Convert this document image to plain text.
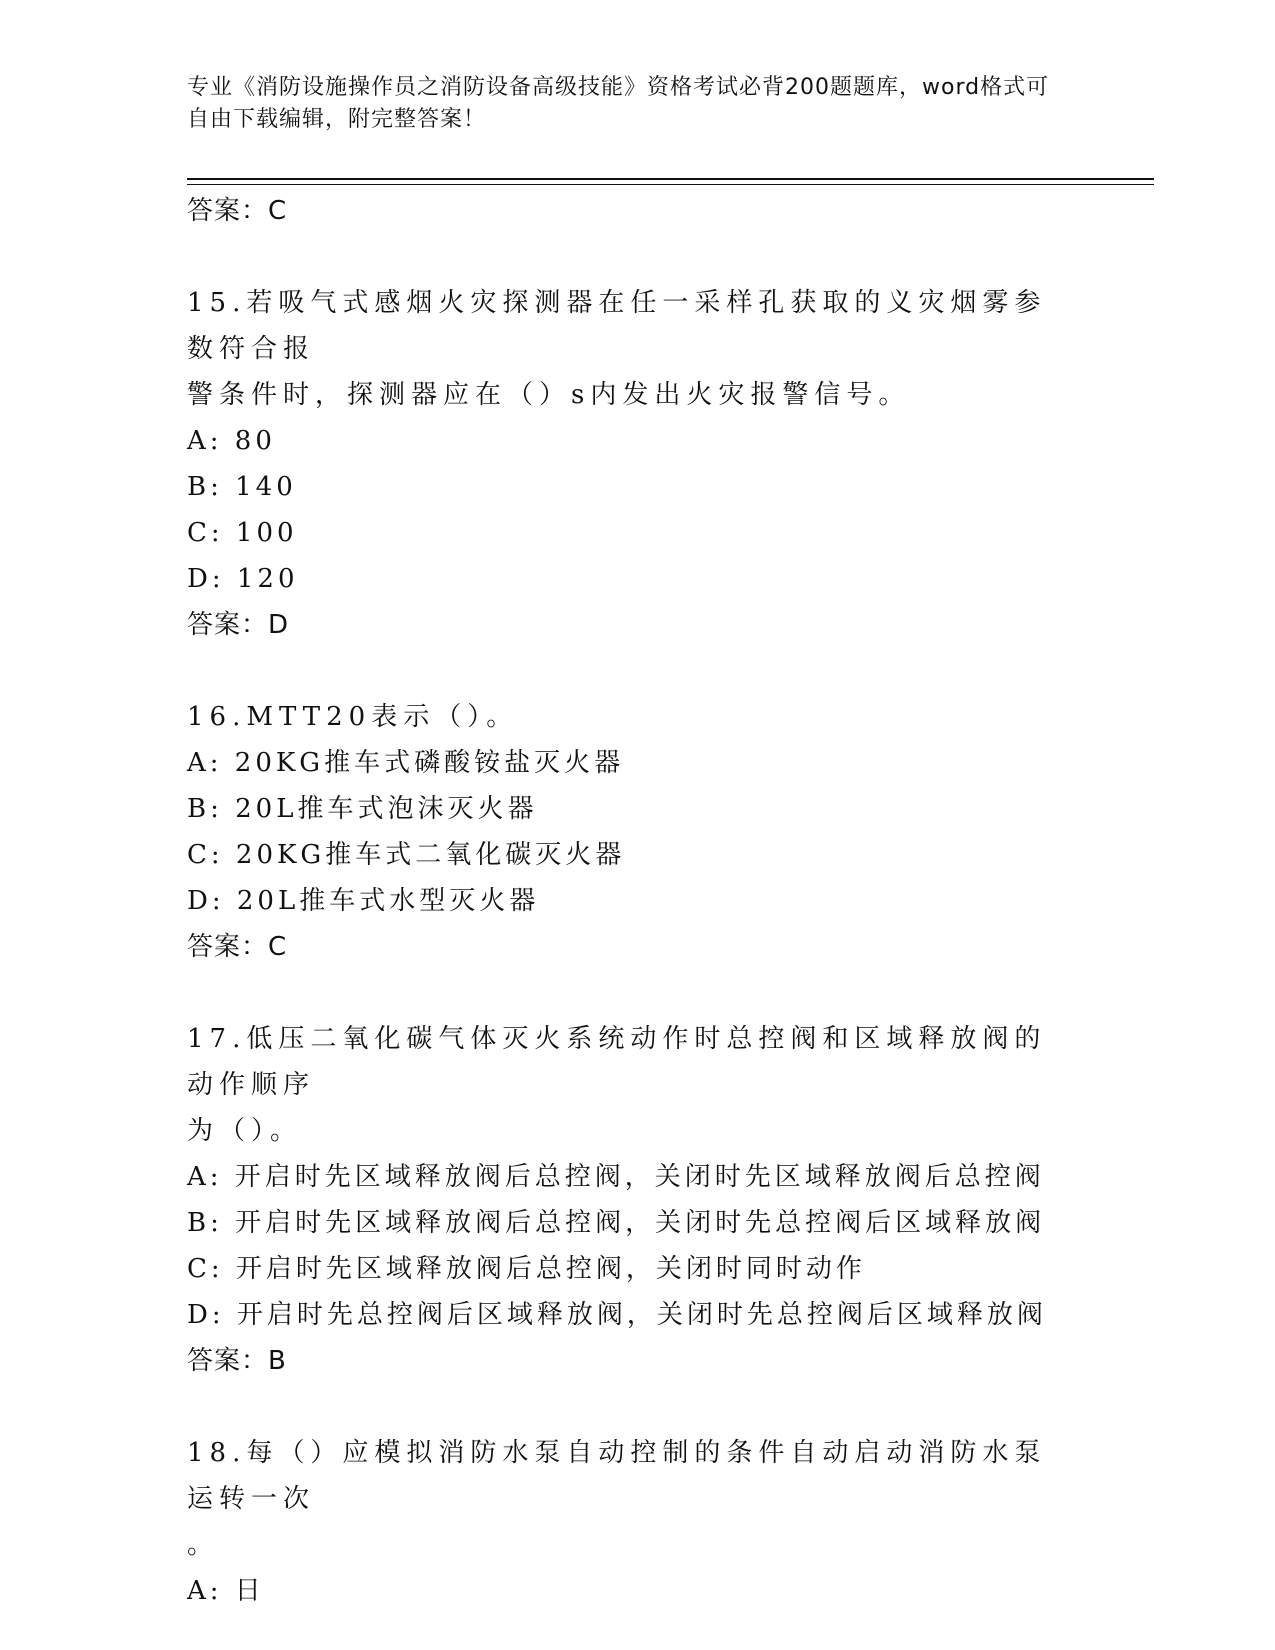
专业《消防设施操作员之消防设备高级技能》资格考试必背200题题库，word格式可自由下载编辑，附完整答案！
答案：C
15.若吸气式感烟火灾探测器在任一采样孔获取的义灾烟雾参数符合报
警条件时，探测器应在（）s内发出火灾报警信号。
A: 80
B: 140
C: 100
D: 120
答案：D
16.MTT20表示（）。
A: 20KG推车式磷酸铵盐灭火器
B: 20L推车式泡沫灭火器
C: 20KG推车式二氧化碳灭火器
D: 20L推车式水型灭火器
答案：C
17.低压二氧化碳气体灭火系统动作时总控阀和区域释放阀的动作顺序
为（）。
A: 开启时先区域释放阀后总控阀，关闭时先区域释放阀后总控阀
B: 开启时先区域释放阀后总控阀，关闭时先总控阀后区域释放阀
C: 开启时先区域释放阀后总控阀，关闭时同时动作
D: 开启时先总控阀后区域释放阀，关闭时先总控阀后区域释放阀
答案：B
18.每（）应模拟消防水泵自动控制的条件自动启动消防水泵运转一次
。
A: 日
